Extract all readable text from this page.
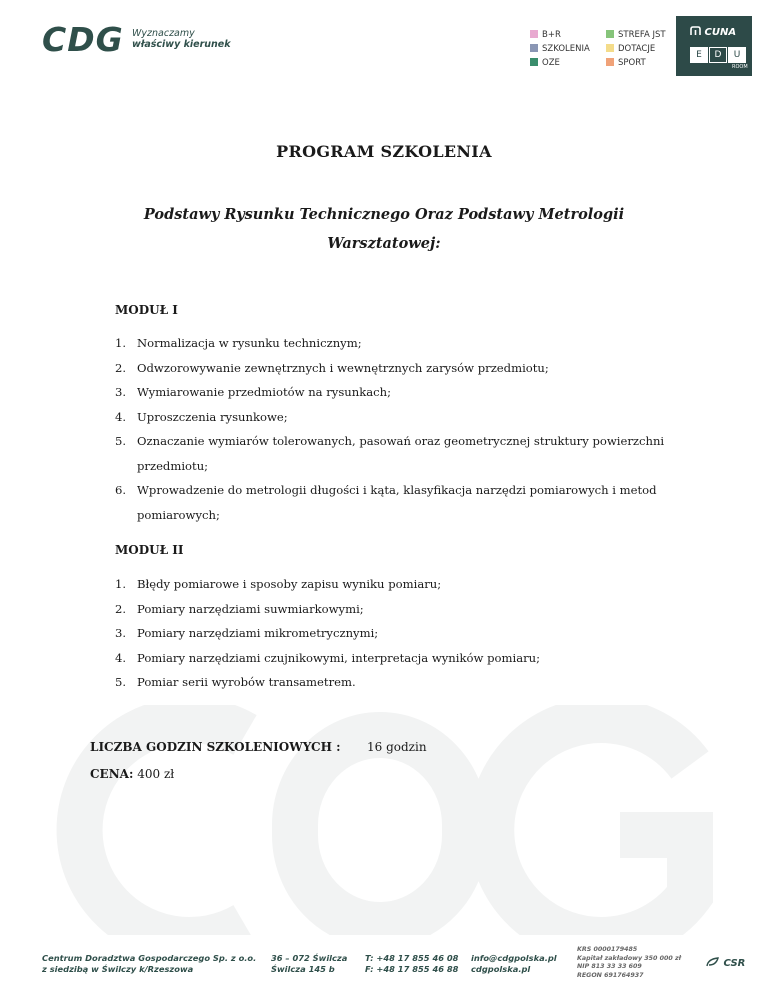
CDG Wyznaczamy
właściwy kierunek
B+R
SZKOLENIA
OZE
STREFA JST
DOTACJE
SPORT
CUNA
E	D	U
ROOM
PROGRAM SZKOLENIA
Podstawy Rysunku Technicznego Oraz Podstawy Metrologii
Warsztatowej:
MODUŁ I
1. Normalizacja w rysunku technicznym;
2. Odwzorowywanie zewnętrznych i wewnętrznych zarysów przedmiotu;
3. Wymiarowanie przedmiotów na rysunkach;
4. Uproszczenia rysunkowe;
5. Oznaczanie wymiarów tolerowanych, pasowań oraz geometrycznej struktury powierzchni przedmiotu;
6. Wprowadzenie do metrologii długości i kąta, klasyfikacja narzędzi pomiarowych i metod pomiarowych;
MODUŁ II
1. Błędy pomiarowe i sposoby zapisu wyniku pomiaru;
2. Pomiary narzędziami suwmiarkowymi;
3. Pomiary narzędziami mikrometrycznymi;
4. Pomiary narzędziami czujnikowymi, interpretacja wyników pomiaru;
5. Pomiar serii wyrobów transametrem.
LICZBA GODZIN SZKOLENIOWYCH : 16 godzin
CENA: 400 zł
Centrum Doradztwa Gospodarczego Sp. z o.o.
z siedzibą w Świlczy k/Rzeszowa
36 – 072 Świlcza
Świlcza 145 b
T: +48 17 855 46 08
F: +48 17 855 46 88
info@cdgpolska.pl
cdgpolska.pl
KRS 0000179485
Kapitał zakładowy 350 000 zł
NIP 813 33 33 609
REGON 691764937
CSR
